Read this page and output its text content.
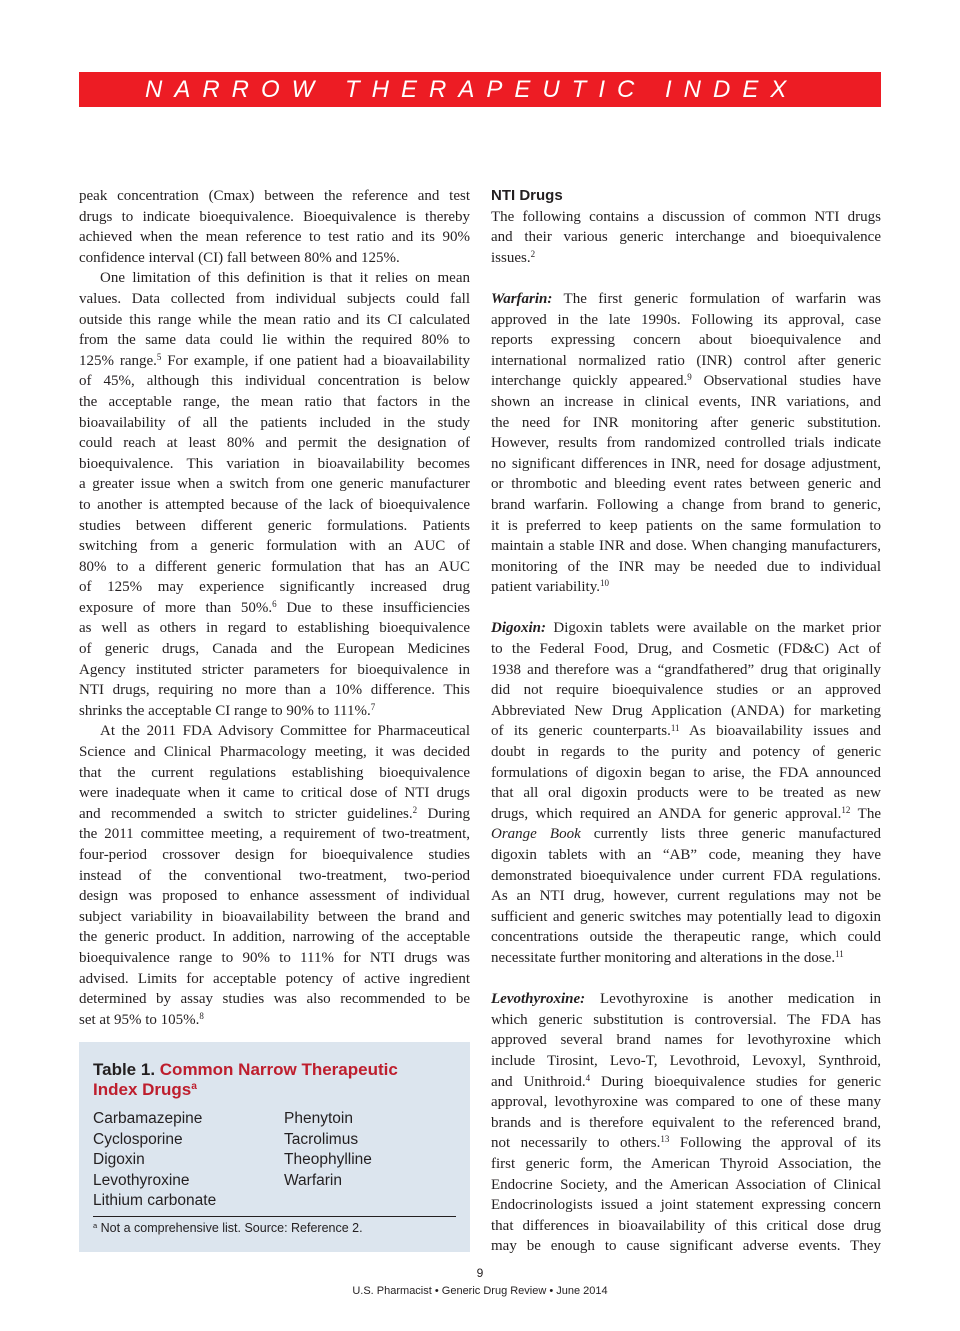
NARROW THERAPEUTIC INDEX
peak concentration (Cmax) between the reference and test
drugs to indicate bioequivalence. Bioequivalence is thereby
achieved when the mean reference to test ratio and its 90%
confidence interval (CI) fall between 80% and 125%.
One limitation of this definition is that it relies on mean
values. Data collected from individual subjects could fall
outside this range while the mean ratio and its CI calculated
from the same data could lie within the required 80% to
125% range.$^5$ For example, if one patient had a bioavailability
of 45%, although this individual concentration is below
the acceptable range, the mean ratio that factors in the
bioavailability of all the patients included in the study
could reach at least 80% and permit the designation of
bioequivalence. This variation in bioavailability becomes
a greater issue when a switch from one generic manufacturer
to another is attempted because of the lack of bioequivalence
studies between different generic formulations. Patients
switching from a generic formulation with an AUC of
80% to a different generic formulation that has an AUC
of 125% may experience significantly increased drug
exposure of more than 50%.$^6$ Due to these insufficiencies
as well as others in regard to establishing bioequivalence
of generic drugs, Canada and the European Medicines
Agency instituted stricter parameters for bioequivalence in
NTI drugs, requiring no more than a 10% difference. This
shrinks the acceptable CI range to 90% to 111%.$^7$
At the 2011 FDA Advisory Committee for Pharmaceutical
Science and Clinical Pharmacology meeting, it was decided
that the current regulations establishing bioequivalence
were inadequate when it came to critical dose of NTI drugs
and recommended a switch to stricter guidelines.$^2$ During
the 2011 committee meeting, a requirement of two-treatment,
four-period crossover design for bioequivalence studies
instead of the conventional two-treatment, two-period
design was proposed to enhance assessment of individual
subject variability in bioavailability between the brand and
the generic product. In addition, narrowing of the acceptable
bioequivalence range to 90% to 111% for NTI drugs was
advised. Limits for acceptable potency of active ingredient
determined by assay studies was also recommended to be
set at 95% to 105%.$^8$
NTI Drugs
The following contains a discussion of common NTI drugs
and their various generic interchange and bioequivalence
issues.$^2$
Warfarin: The first generic formulation of warfarin was
approved in the late 1990s. Following its approval, case
reports expressing concern about bioequivalence and
international normalized ratio (INR) control after generic
interchange quickly appeared.$^9$ Observational studies have
shown an increase in clinical events, INR variations, and
the need for INR monitoring after generic substitution.
However, results from randomized controlled trials indicate
no significant differences in INR, need for dosage adjustment,
or thrombotic and bleeding event rates between generic and
brand warfarin. Following a change from brand to generic,
it is preferred to keep patients on the same formulation to
maintain a stable INR and dose. When changing manufacturers,
monitoring of the INR may be needed due to individual
patient variability.$^{10}$
Digoxin: Digoxin tablets were available on the market prior
to the Federal Food, Drug, and Cosmetic (FD&C) Act of
1938 and therefore was a “grandfathered” drug that originally
did not require bioequivalence studies or an approved
Abbreviated New Drug Application (ANDA) for marketing
of its generic counterparts.$^{11}$ As bioavailability issues and
doubt in regards to the purity and potency of generic
formulations of digoxin began to arise, the FDA announced
that all oral digoxin products were to be treated as new
drugs, which required an ANDA for generic approval.$^{12}$ The
Orange Book currently lists three generic manufactured
digoxin tablets with an “AB” code, meaning they have
demonstrated bioequivalence under current FDA regulations.
As an NTI drug, however, current regulations may not be
sufficient and generic switches may potentially lead to digoxin
concentrations outside the therapeutic range, which could
necessitate further monitoring and alterations in the dose.$^{11}$
Levothyroxine: Levothyroxine is another medication in
which generic substitution is controversial. The FDA has
approved several brand names for levothyroxine which
include Tirosint, Levo-T, Levothroid, Levoxyl, Synthroid,
and Unithroid.$^4$ During bioequivalence studies for generic
approval, levothyroxine was compared to one of these many
brands and is therefore equivalent to the referenced brand,
not necessarily to others.$^{13}$ Following the approval of its
first generic form, the American Thyroid Association, the
Endocrine Society, and the American Association of Clinical
Endocrinologists issued a joint statement expressing concern
that differences in bioavailability of this critical dose drug
may be enough to cause significant adverse events. They
Table 1. Common Narrow Therapeutic Index Drugs$^a$
Carbamazepine
Cyclosporine
Digoxin
Levothyroxine
Lithium carbonate
Phenytoin
Tacrolimus
Theophylline
Warfarin
$^a$ Not a comprehensive list. Source: Reference 2.
9
U.S. Pharmacist • Generic Drug Review • June 2014
